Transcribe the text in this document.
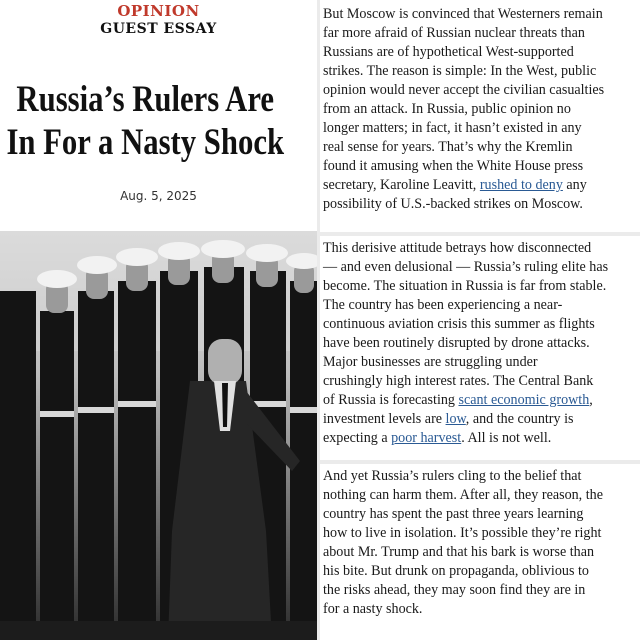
OPINION
GUEST ESSAY
Russia’s Rulers Are
In For a Nasty Shock
Aug. 5, 2025
But Moscow is convinced that Westerners remain
far more afraid of Russian nuclear threats than
Russians are of hypothetical West-supported
strikes. The reason is simple: In the West, public
opinion would never accept the civilian casualties
from an attack. In Russia, public opinion no
longer matters; in fact, it hasn’t existed in any
real sense for years. That’s why the Kremlin
found it amusing when the White House press
secretary, Karoline Leavitt, rushed to deny any
possibility of U.S.-backed strikes on Moscow.
This derisive attitude betrays how disconnected
— and even delusional — Russia’s ruling elite has
become. The situation in Russia is far from stable.
The country has been experiencing a near-
continuous aviation crisis this summer as flights
have been routinely disrupted by drone attacks.
Major businesses are struggling under
crushingly high interest rates. The Central Bank
of Russia is forecasting scant economic growth,
investment levels are low, and the country is
expecting a poor harvest. All is not well.
And yet Russia’s rulers cling to the belief that
nothing can harm them. After all, they reason, the
country has spent the past three years learning
how to live in isolation. It’s possible they’re right
about Mr. Trump and that his bark is worse than
his bite. But drunk on propaganda, oblivious to
the risks ahead, they may soon find they are in
for a nasty shock.
